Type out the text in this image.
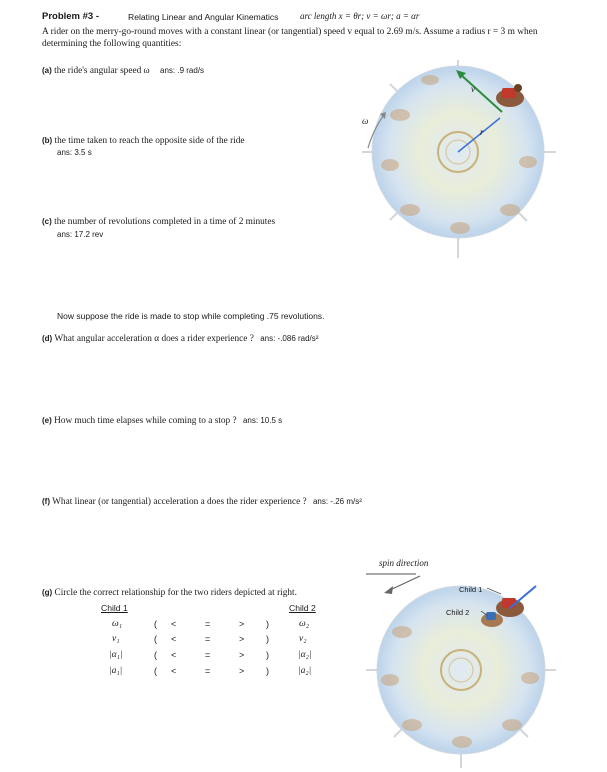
Problem #3 -	Relating Linear and Angular Kinematics arc length x = θr; v = ωr; a = αr
A rider on the merry-go-round moves with a constant linear (or tangential) speed v equal to 2.69 m/s. Assume a radius r = 3 m when determining the following quantities:
(a) the ride's angular speed ω ans: .9 rad/s
(b) the time taken to reach the opposite side of the ride
ans: 3.5 s
(c) the number of revolutions completed in a time of 2 minutes
ans: 17.2 rev
Now suppose the ride is made to stop while completing .75 revolutions.
(d) What angular acceleration α does a rider experience ? ans: -.086 rad/s²
(e) How much time elapses while coming to a stop ? ans: 10.5 s
(f) What linear (or tangential) acceleration a does the rider experience ? ans: -.26 m/s²
(g) Circle the correct relationship for the two riders depicted at right.
Child 1	Child 2
ω₁	( <	=	> )	ω₂
v₁	( <	=	> )	v₂
|α₁|	( <	=	> )	|α₂|
|a₁|	( <	=	> )	|a₂|
ω
v
r
spin direction
Child 1
Child 2
